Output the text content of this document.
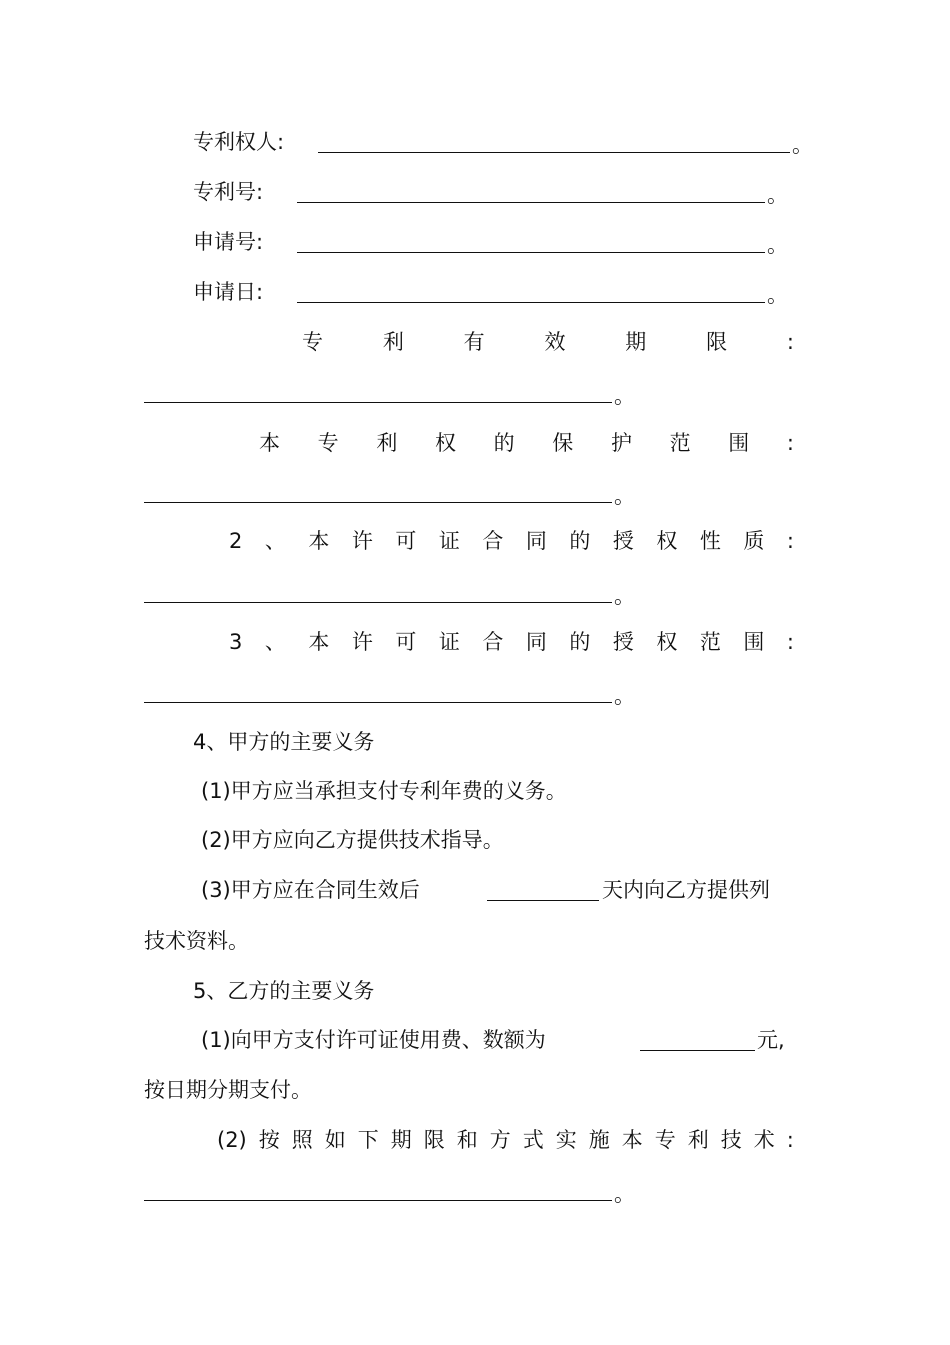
专利权人:	。
专利号:	。
申请号:	。
申请日:	。
专	利	有	效	期	限	:
。
本 专 利 权 的 保 护 范 围 :
。
2 、 本 许 可 证 合 同 的 授 权 性 质 :
。
3 、 本 许 可 证 合 同 的 授 权 范 围 :
。
4、甲方的主要义务
(1)甲方应当承担支付专利年费的义务。
(2)甲方应向乙方提供技术指导。
(3)甲方应在合同生效后	天内向乙方提供列
技术资料。
5、乙方的主要义务
(1)向甲方支付许可证使用费、数额为	元,
按日期分期支付。
(2) 按 照 如 下 期 限 和 方 式 实 施 本 专 利 技 术 :
。
